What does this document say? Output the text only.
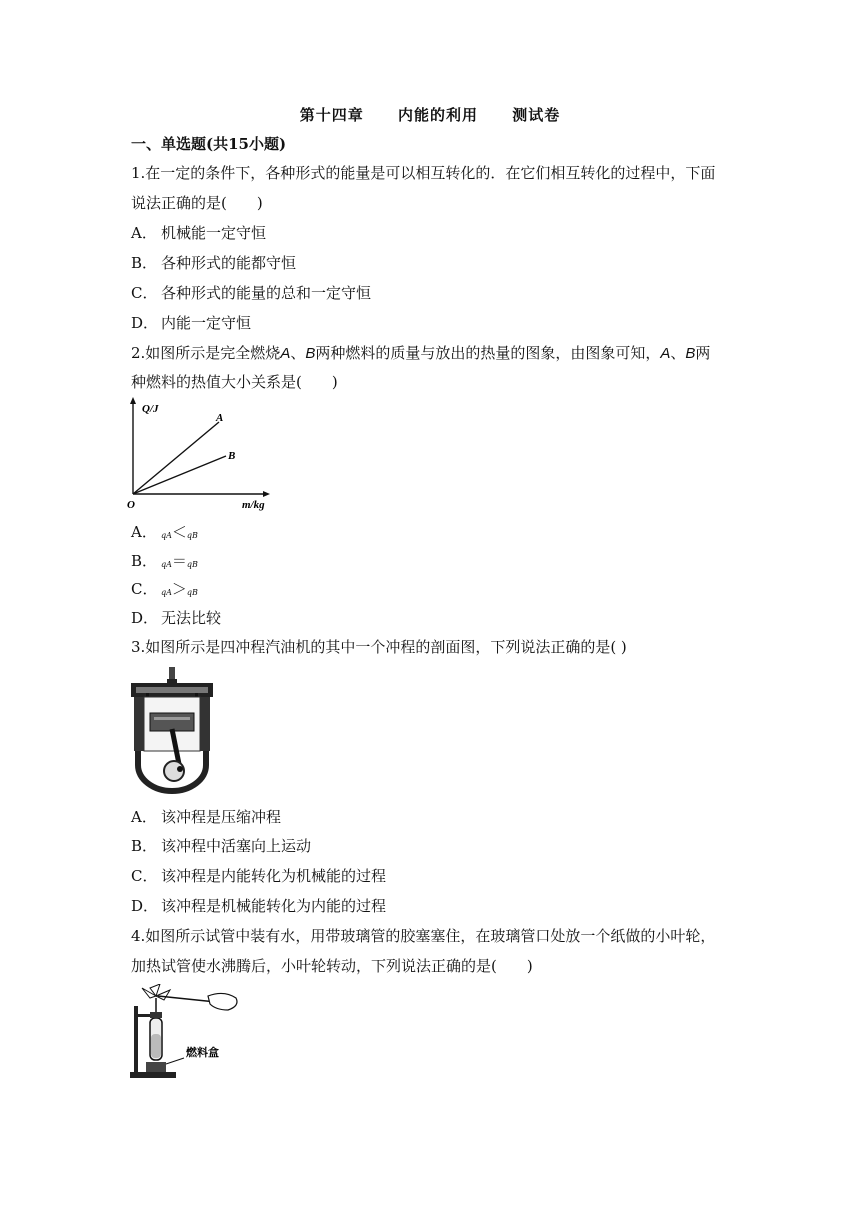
第十四章 内能的利用 测试卷
一、单选题(共15小题)
1.在一定的条件下，各种形式的能量是可以相互转化的．在它们相互转化的过程中，下面
说法正确的是(　　)
A． 机械能一定守恒
B． 各种形式的能都守恒
C． 各种形式的能量的总和一定守恒
D． 内能一定守恒
2.如图所示是完全燃烧A、B两种燃料的质量与放出的热量的图象，由图象可知，A、B两
种燃料的热值大小关系是(　　)
Q/J
A
B
O	m/kg
A． qA＜qB
B． qA＝qB
C． qA＞qB
D． 无法比较
3.如图所示是四冲程汽油机的其中一个冲程的剖面图，下列说法正确的是( )
A． 该冲程是压缩冲程
B． 该冲程中活塞向上运动
C． 该冲程是内能转化为机械能的过程
D． 该冲程是机械能转化为内能的过程
4.如图所示试管中装有水，用带玻璃管的胶塞塞住，在玻璃管口处放一个纸做的小叶轮，
加热试管使水沸腾后，小叶轮转动，下列说法正确的是(　　)
燃料盒
